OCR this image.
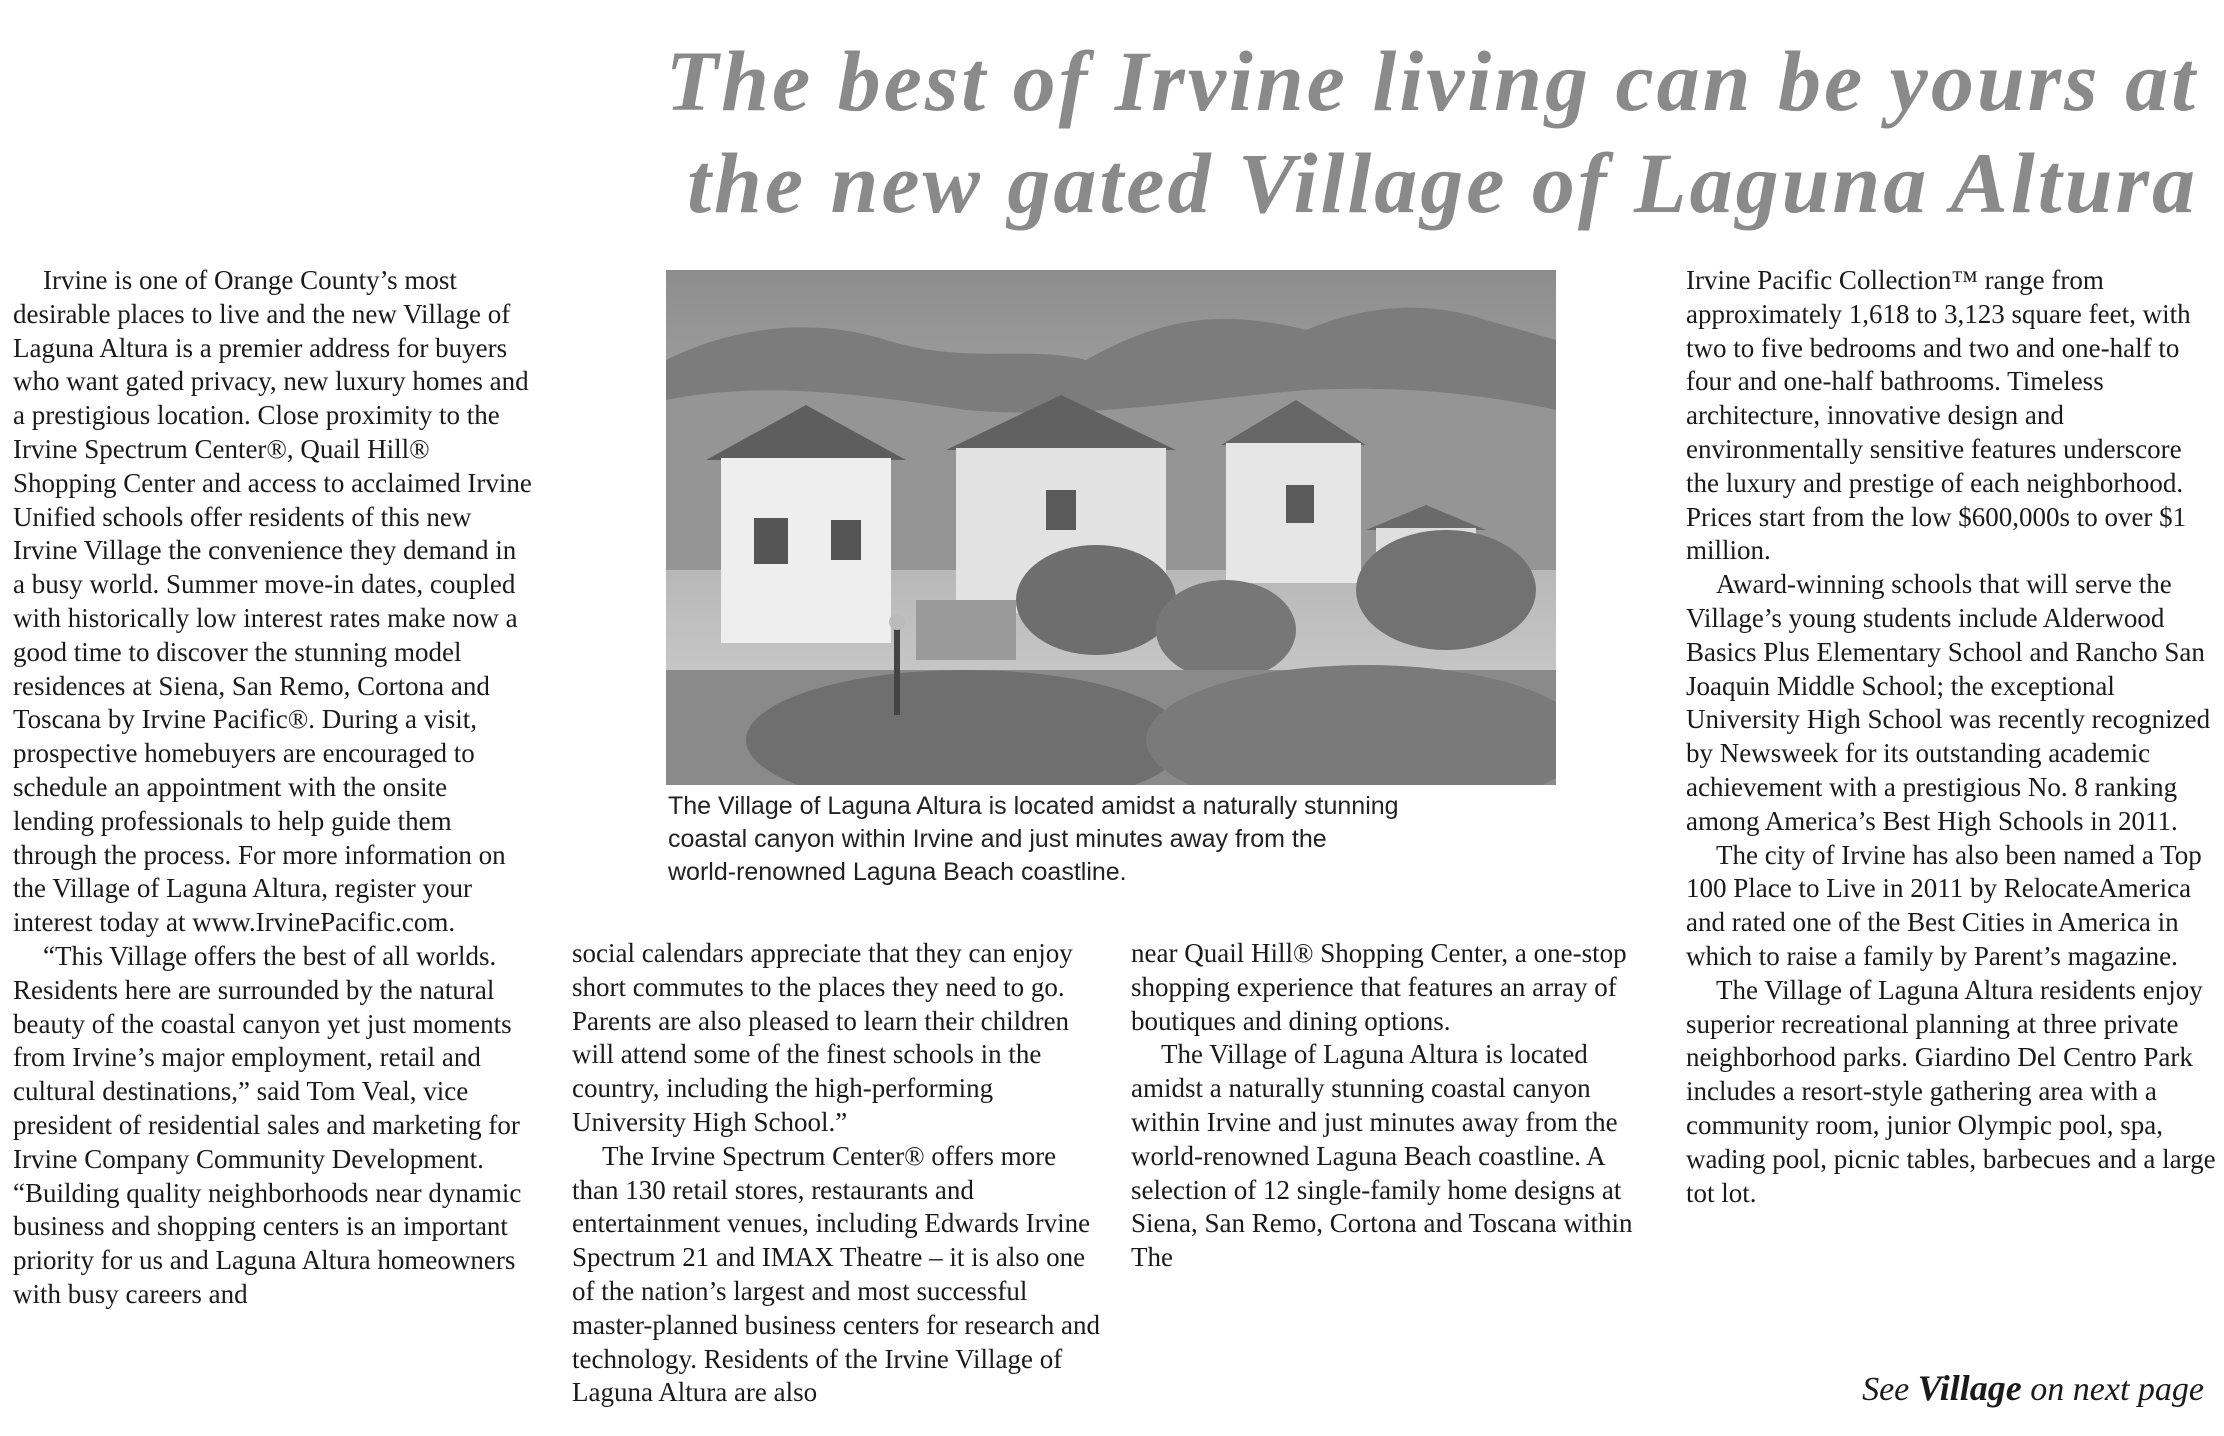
The best of Irvine living can be yours at
the new gated Village of Laguna Altura

Irvine is one of Orange County’s most desirable places to live and the new Village of Laguna Altura is a premier address for buyers who want gated privacy, new luxury homes and a prestigious location. Close proximity to the Irvine Spectrum Center®, Quail Hill® Shopping Center and access to acclaimed Irvine Unified schools offer residents of this new Irvine Village the convenience they demand in a busy world. Summer move-in dates, coupled with historically low interest rates make now a good time to discover the stunning model residences at Siena, San Remo, Cortona and Toscana by Irvine Pacific®. During a visit, prospective homebuyers are encouraged to schedule an appointment with the onsite lending professionals to help guide them through the process. For more information on the Village of Laguna Altura, register your interest today at www.IrvinePacific.com.

“This Village offers the best of all worlds. Residents here are surrounded by the natural beauty of the coastal canyon yet just moments from Irvine’s major employment, retail and cultural destinations,” said Tom Veal, vice president of residential sales and marketing for Irvine Company Community Development. “Building quality neighborhoods near dynamic business and shopping centers is an important priority for us and Laguna Altura homeowners with busy careers and

The Village of Laguna Altura is located amidst a naturally stunning
coastal canyon within Irvine and just minutes away from the
world-renowned Laguna Beach coastline.

social calendars appreciate that they can enjoy short commutes to the places they need to go. Parents are also pleased to learn their children will attend some of the finest schools in the country, including the high-performing University High School.”

The Irvine Spectrum Center® offers more than 130 retail stores, restaurants and entertainment venues, including Edwards Irvine Spectrum 21 and IMAX Theatre – it is also one of the nation’s largest and most successful master-planned business centers for research and technology. Residents of the Irvine Village of Laguna Altura are also

near Quail Hill® Shopping Center, a one-stop shopping experience that features an array of boutiques and dining options.

The Village of Laguna Altura is located amidst a naturally stunning coastal canyon within Irvine and just minutes away from the world-renowned Laguna Beach coastline. A selection of 12 single-family home designs at Siena, San Remo, Cortona and Toscana within The

Irvine Pacific Collection™ range from approximately 1,618 to 3,123 square feet, with two to five bedrooms and two and one-half to four and one-half bathrooms. Timeless architecture, innovative design and environmentally sensitive features underscore the luxury and prestige of each neighborhood. Prices start from the low $600,000s to over $1 million.

Award-winning schools that will serve the Village’s young students include Alderwood Basics Plus Elementary School and Rancho San Joaquin Middle School; the exceptional University High School was recently recognized by Newsweek for its outstanding academic achievement with a prestigious No. 8 ranking among America’s Best High Schools in 2011.

The city of Irvine has also been named a Top 100 Place to Live in 2011 by RelocateAmerica and rated one of the Best Cities in America in which to raise a family by Parent’s magazine.

The Village of Laguna Altura residents enjoy superior recreational planning at three private neighborhood parks. Giardino Del Centro Park includes a resort-style gathering area with a community room, junior Olympic pool, spa, wading pool, picnic tables, barbecues and a large tot lot.

See Village on next page
